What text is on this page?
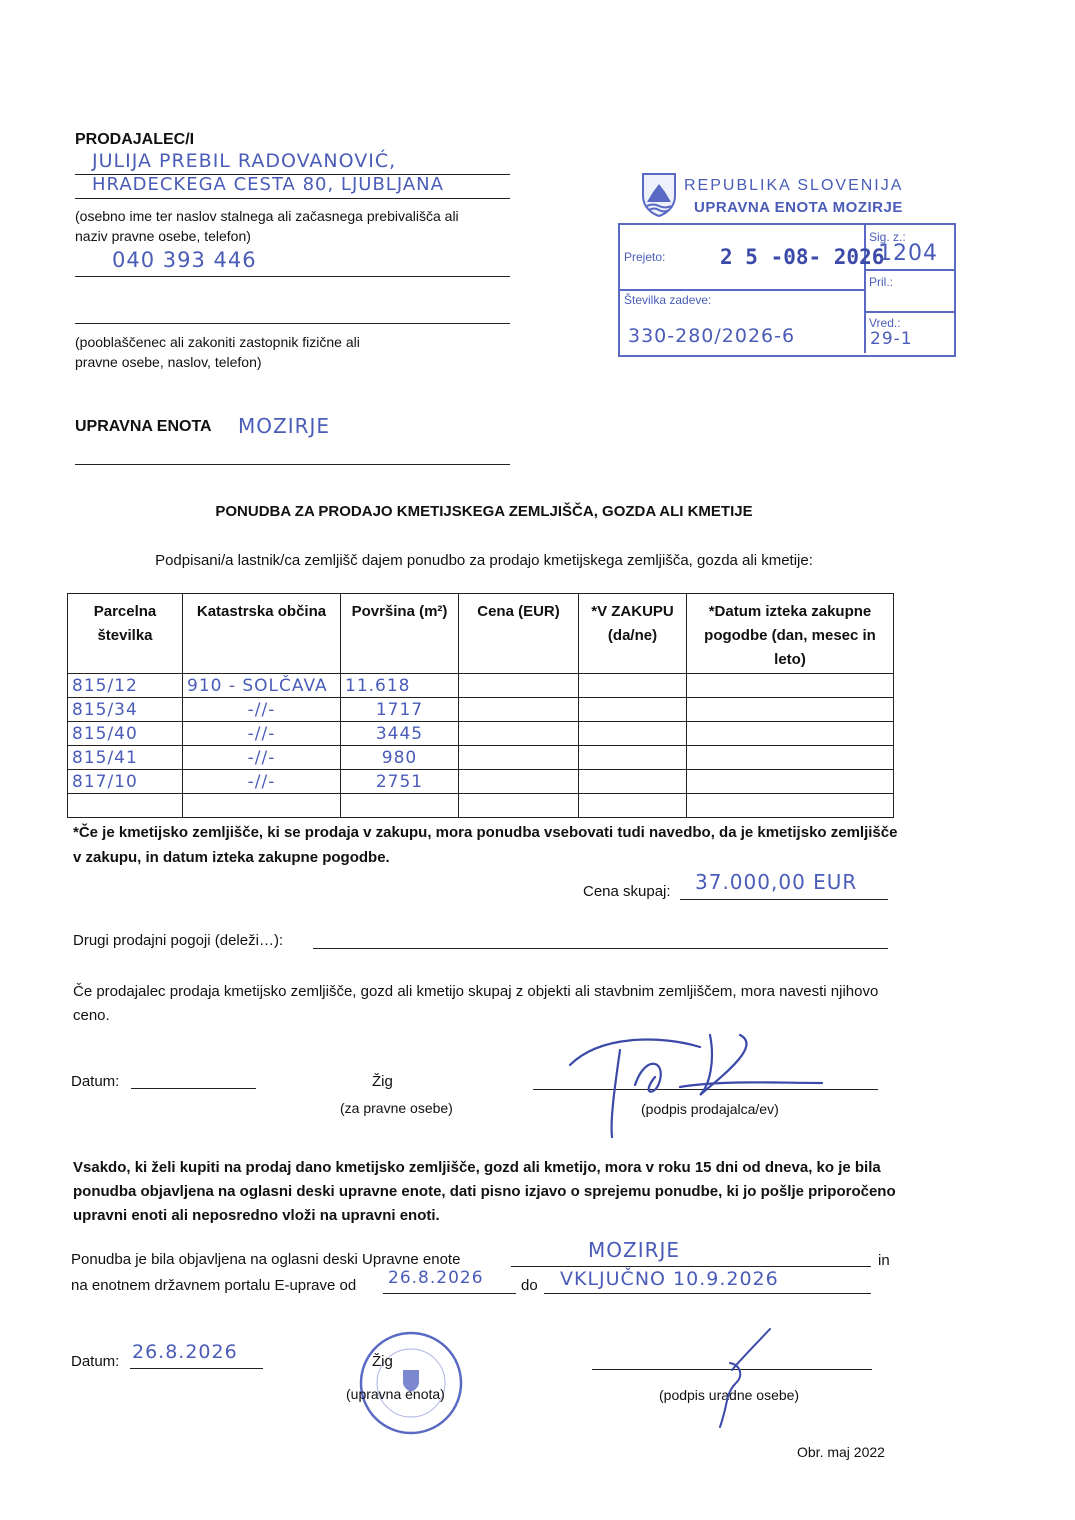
PRODAJALEC/I
JULIJA PREBIL RADOVANOVIĆ,
HRADECKEGA CESTA 80, LJUBLJANA
(osebno ime ter naslov stalnega ali začasnega prebivališča ali naziv pravne osebe, telefon)
040 393 446
(pooblaščenec ali zakoniti zastopnik fizične ali pravne osebe, naslov, telefon)
UPRAVNA ENOTA MOZIRJE
REPUBLIKA SLOVENIJA
UPRAVNA ENOTA MOZIRJE
Prejeto:	2 5 -08- 2026
Sig. z.:
1204
Pril.:
Številka zadeve:
330-280/2026-6
Vred.:
29-1
PONUDBA ZA PRODAJO KMETIJSKEGA ZEMLJIŠČA, GOZDA ALI KMETIJE
Podpisani/a lastnik/ca zemljišč dajem ponudbo za prodajo kmetijskega zemljišča, gozda ali kmetije:
Parcelna številka	Katastrska občina	Površina (m²)	Cena (EUR)	*V ZAKUPU (da/ne)	*Datum izteka zakupne pogodbe (dan, mesec in leto)
815/12	910 - SOLČAVA	11.618			
815/34	-//-	1717			
815/40	-//-	3445			
815/41	-//-	980			
817/10	-//-	2751			

*Če je kmetijsko zemljišče, ki se prodaja v zakupu, mora ponudba vsebovati tudi navedbo, da je kmetijsko zemljišče v zakupu, in datum izteka zakupne pogodbe.
Cena skupaj: 37.000,00 EUR
Drugi prodajni pogoji (deleži…):
Če prodajalec prodaja kmetijsko zemljišče, gozd ali kmetijo skupaj z objekti ali stavbnim zemljiščem, mora navesti njihovo ceno.
Datum:	Žig
(za pravne osebe)	(podpis prodajalca/ev)
Vsakdo, ki želi kupiti na prodaj dano kmetijsko zemljišče, gozd ali kmetijo, mora v roku 15 dni od dneva, ko je bila ponudba objavljena na oglasni deski upravne enote, dati pisno izjavo o sprejemu ponudbe, ki jo pošlje priporočeno upravni enoti ali neposredno vloži na upravni enoti.
Ponudba je bila objavljena na oglasni deski Upravne enote	MOZIRJE	in
na enotnem državnem portalu E-uprave od 26.8.2026 do VKLJUČNO 10.9.2026
Datum: 26.8.2026	Žig
(upravna enota)	(podpis uradne osebe)
Obr. maj 2022
